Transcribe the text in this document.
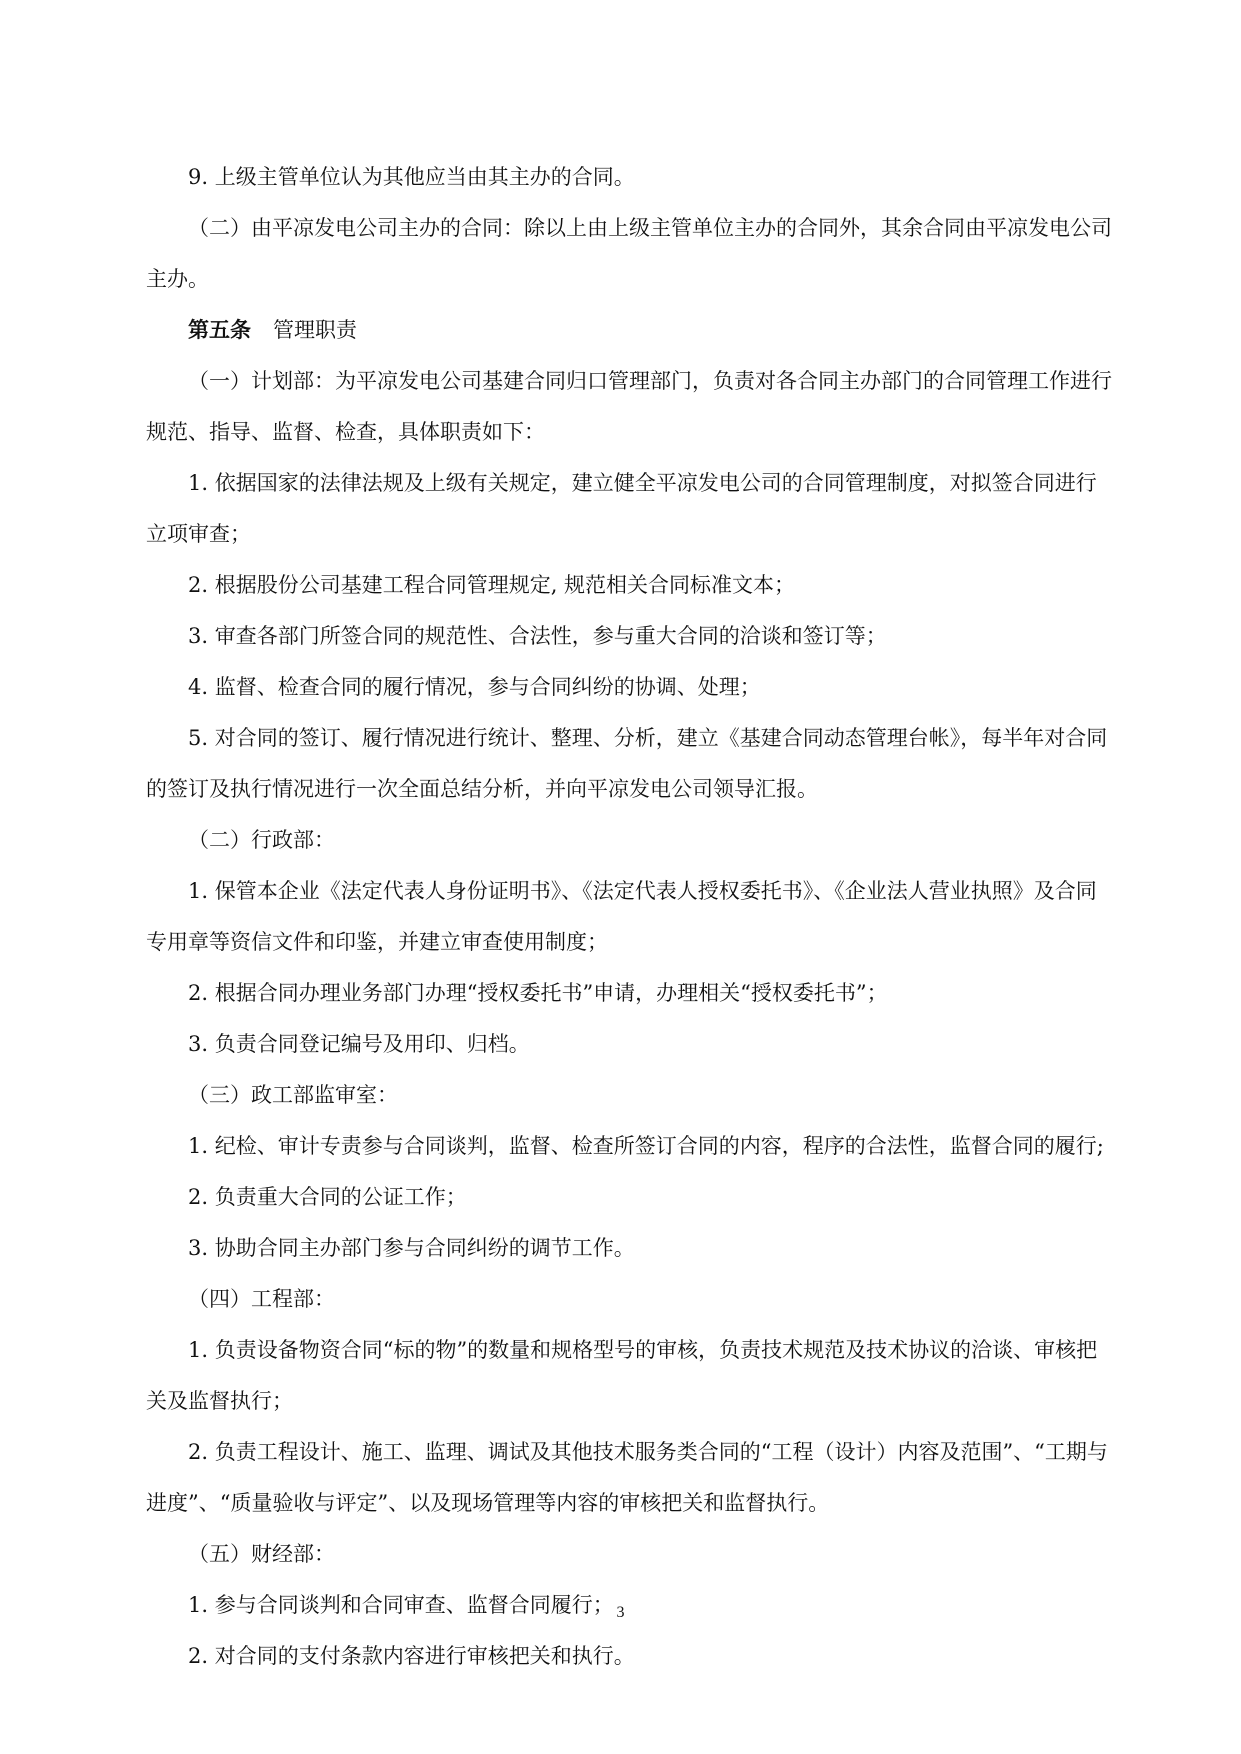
9. 上级主管单位认为其他应当由其主办的合同。

（二）由平凉发电公司主办的合同：除以上由上级主管单位主办的合同外，其余合同由平凉发电公司主办。

第五条 管理职责

（一）计划部：为平凉发电公司基建合同归口管理部门，负责对各合同主办部门的合同管理工作进行规范、指导、监督、检查，具体职责如下：

1. 依据国家的法律法规及上级有关规定，建立健全平凉发电公司的合同管理制度，对拟签合同进行立项审查；

2. 根据股份公司基建工程合同管理规定, 规范相关合同标准文本；

3. 审查各部门所签合同的规范性、合法性，参与重大合同的洽谈和签订等；

4. 监督、检查合同的履行情况，参与合同纠纷的协调、处理；

5. 对合同的签订、履行情况进行统计、整理、分析，建立《基建合同动态管理台帐》，每半年对合同的签订及执行情况进行一次全面总结分析，并向平凉发电公司领导汇报。

（二）行政部：

1. 保管本企业《法定代表人身份证明书》、《法定代表人授权委托书》、《企业法人营业执照》及合同专用章等资信文件和印鉴，并建立审查使用制度；

2. 根据合同办理业务部门办理“授权委托书”申请，办理相关“授权委托书”；

3. 负责合同登记编号及用印、归档。

（三）政工部监审室：

1. 纪检、审计专责参与合同谈判，监督、检查所签订合同的内容，程序的合法性，监督合同的履行;

2. 负责重大合同的公证工作；

3. 协助合同主办部门参与合同纠纷的调节工作。

（四）工程部：

1. 负责设备物资合同“标的物”的数量和规格型号的审核，负责技术规范及技术协议的洽谈、审核把关及监督执行；

2. 负责工程设计、施工、监理、调试及其他技术服务类合同的“工程（设计）内容及范围”、“工期与进度”、“质量验收与评定”、以及现场管理等内容的审核把关和监督执行。

（五）财经部：

1. 参与合同谈判和合同审查、监督合同履行；

2. 对合同的支付条款内容进行审核把关和执行。

3
